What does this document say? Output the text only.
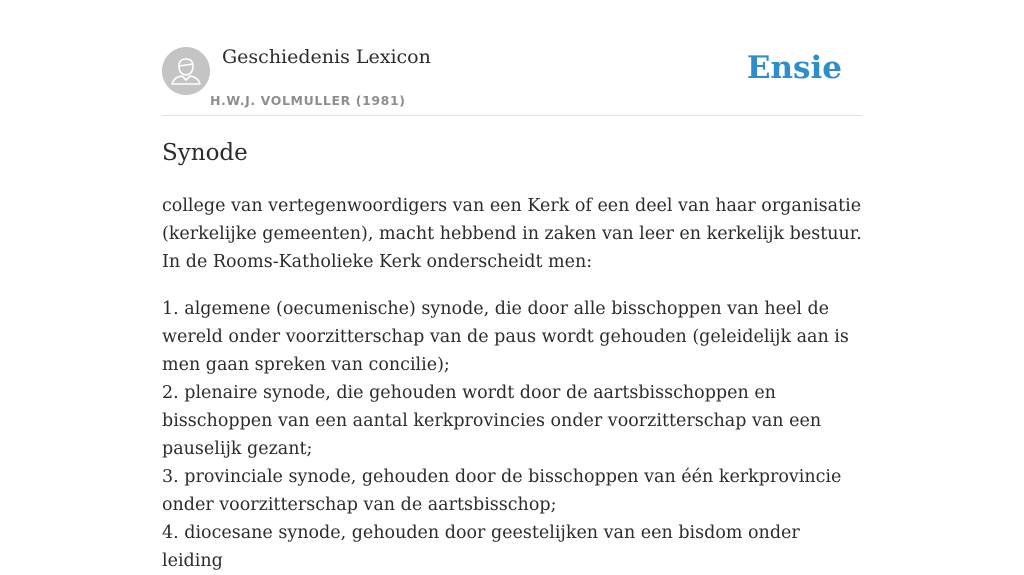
Geschiedenis Lexicon
H.W.J. VOLMULLER (1981)
Ensie
Synode

college van vertegenwoordigers van een Kerk of een deel van haar organisatie (kerkelijke gemeenten), macht hebbend in zaken van leer en kerkelijk bestuur. In de Rooms-Katholieke Kerk onderscheidt men:

1. algemene (oecumenische) synode, die door alle bisschoppen van heel de wereld onder voorzitterschap van de paus wordt gehouden (geleidelijk aan is men gaan spreken van concilie);
2. plenaire synode, die gehouden wordt door de aartsbisschoppen en bisschoppen van een aantal kerkprovincies onder voorzitterschap van een pauselijk gezant;
3. provinciale synode, gehouden door de bisschoppen van één kerkprovincie onder voorzitterschap van de aartsbisschop;
4. diocesane synode, gehouden door geestelijken van een bisdom onder leiding
